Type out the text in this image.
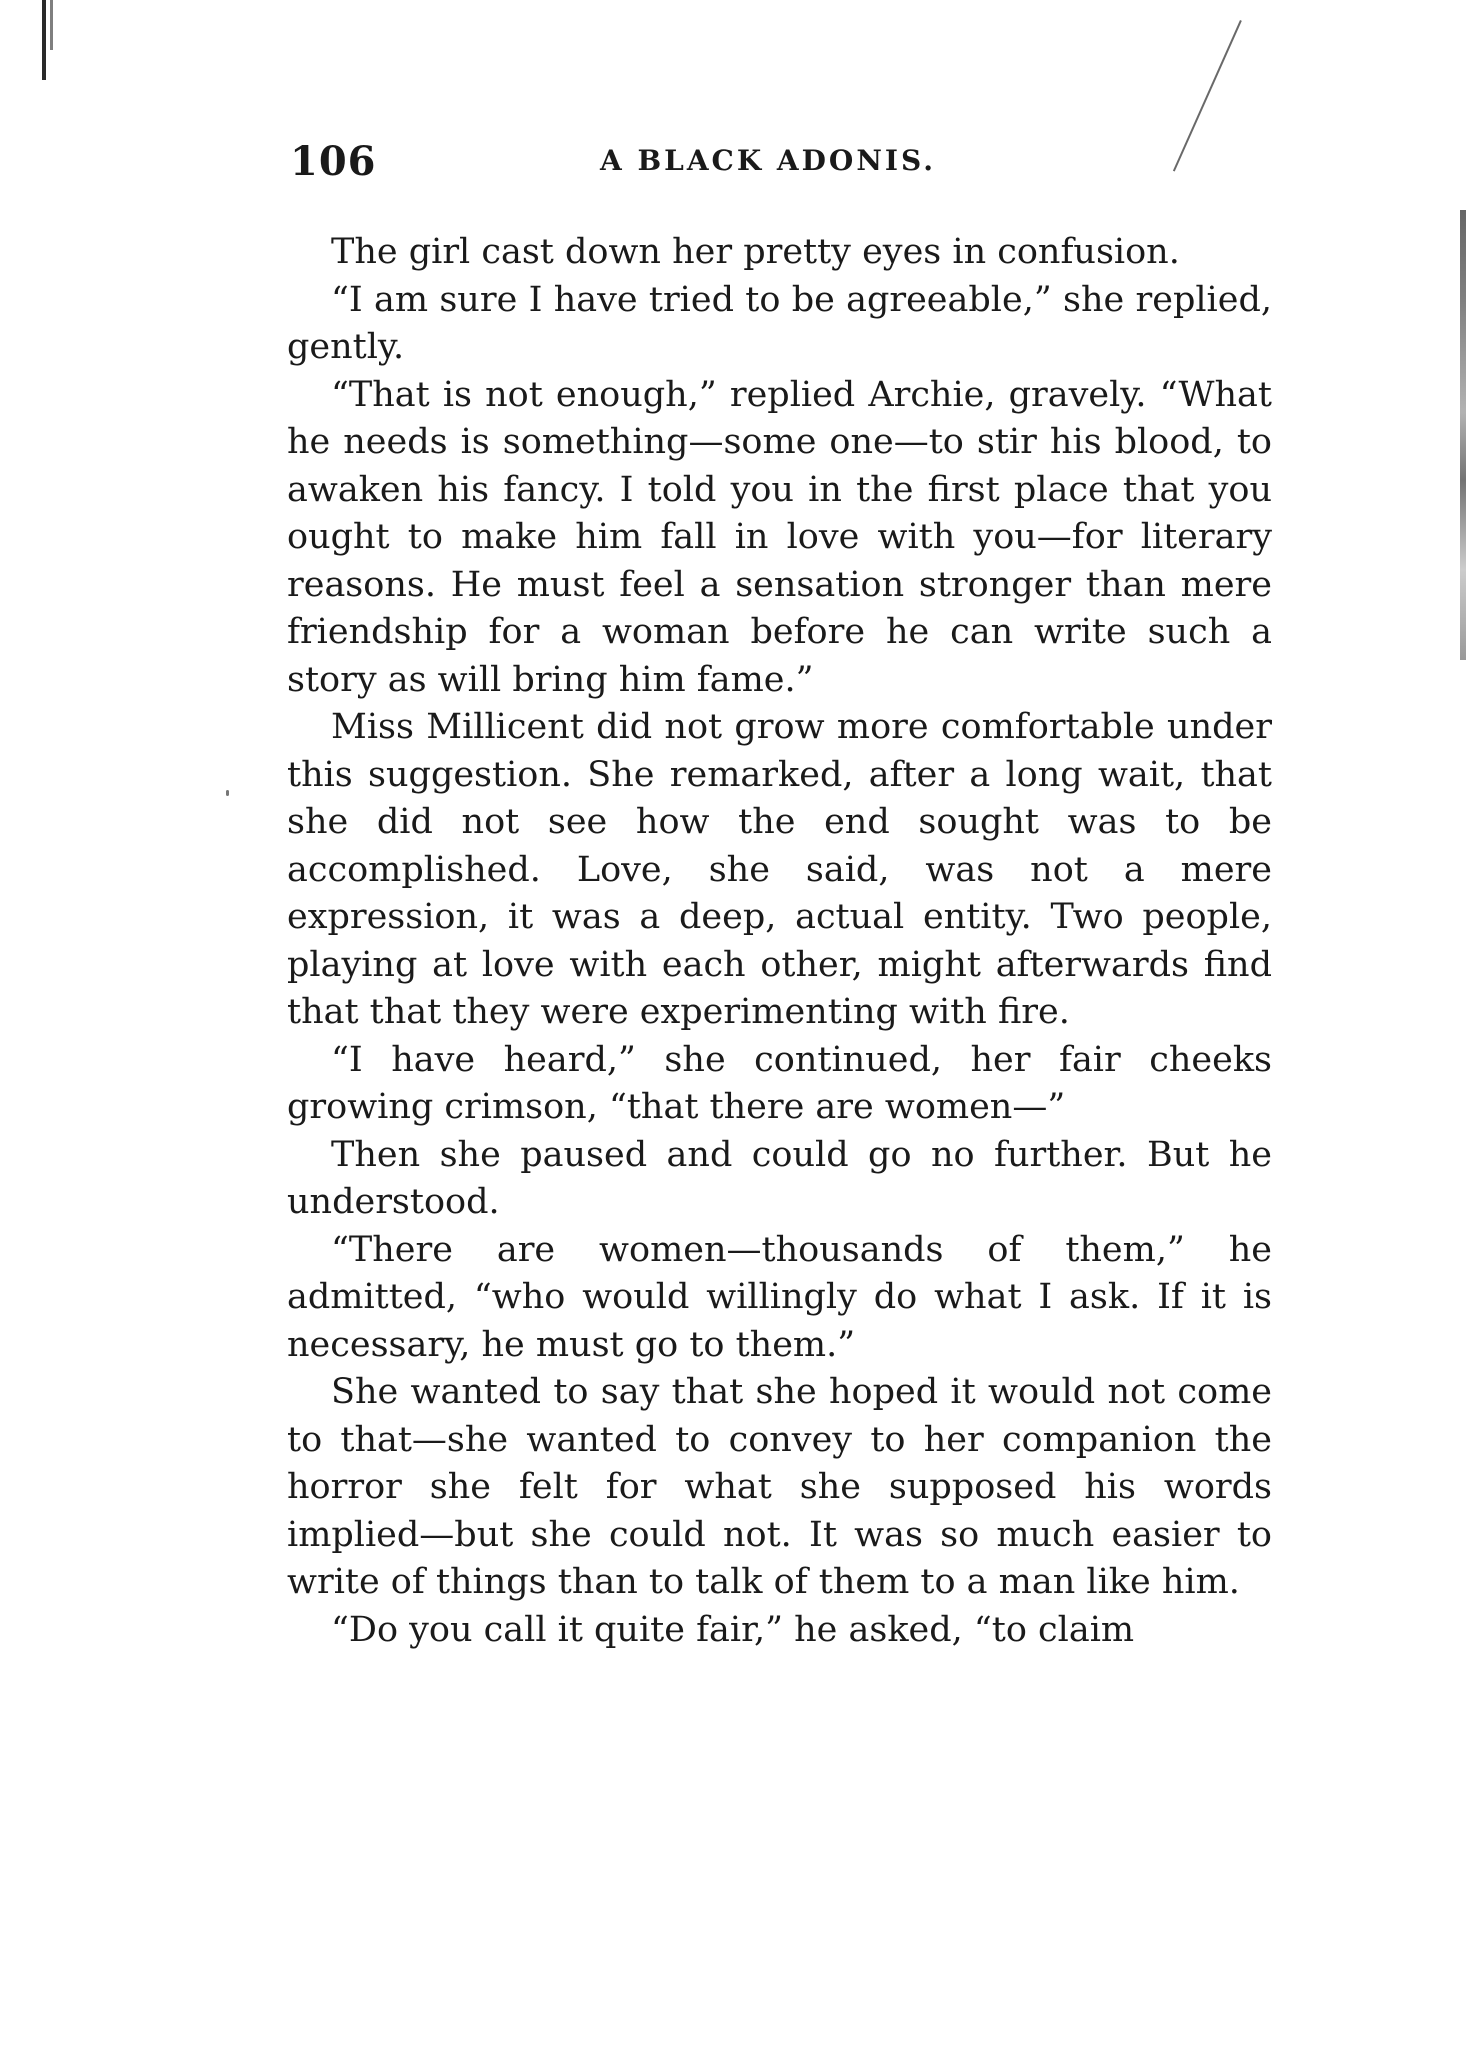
106	A BLACK ADONIS.

The girl cast down her pretty eyes in confusion.

“I am sure I have tried to be agreeable,” she replied, gently.

“That is not enough,” replied Archie, gravely. “What he needs is something—some one—to stir his blood, to awaken his fancy. I told you in the first place that you ought to make him fall in love with you—for literary reasons. He must feel a sensation stronger than mere friendship for a woman before he can write such a story as will bring him fame.”

Miss Millicent did not grow more comfortable under this suggestion. She remarked, after a long wait, that she did not see how the end sought was to be accomplished. Love, she said, was not a mere expression, it was a deep, actual entity. Two people, playing at love with each other, might afterwards find that that they were experimenting with fire.

“I have heard,” she continued, her fair cheeks growing crimson, “that there are women—”

Then she paused and could go no further. But he understood.

“There are women—thousands of them,” he admitted, “who would willingly do what I ask. If it is necessary, he must go to them.”

She wanted to say that she hoped it would not come to that—she wanted to convey to her companion the horror she felt for what she supposed his words implied—but she could not. It was so much easier to write of things than to talk of them to a man like him.

“Do you call it quite fair,” he asked, “to claim
